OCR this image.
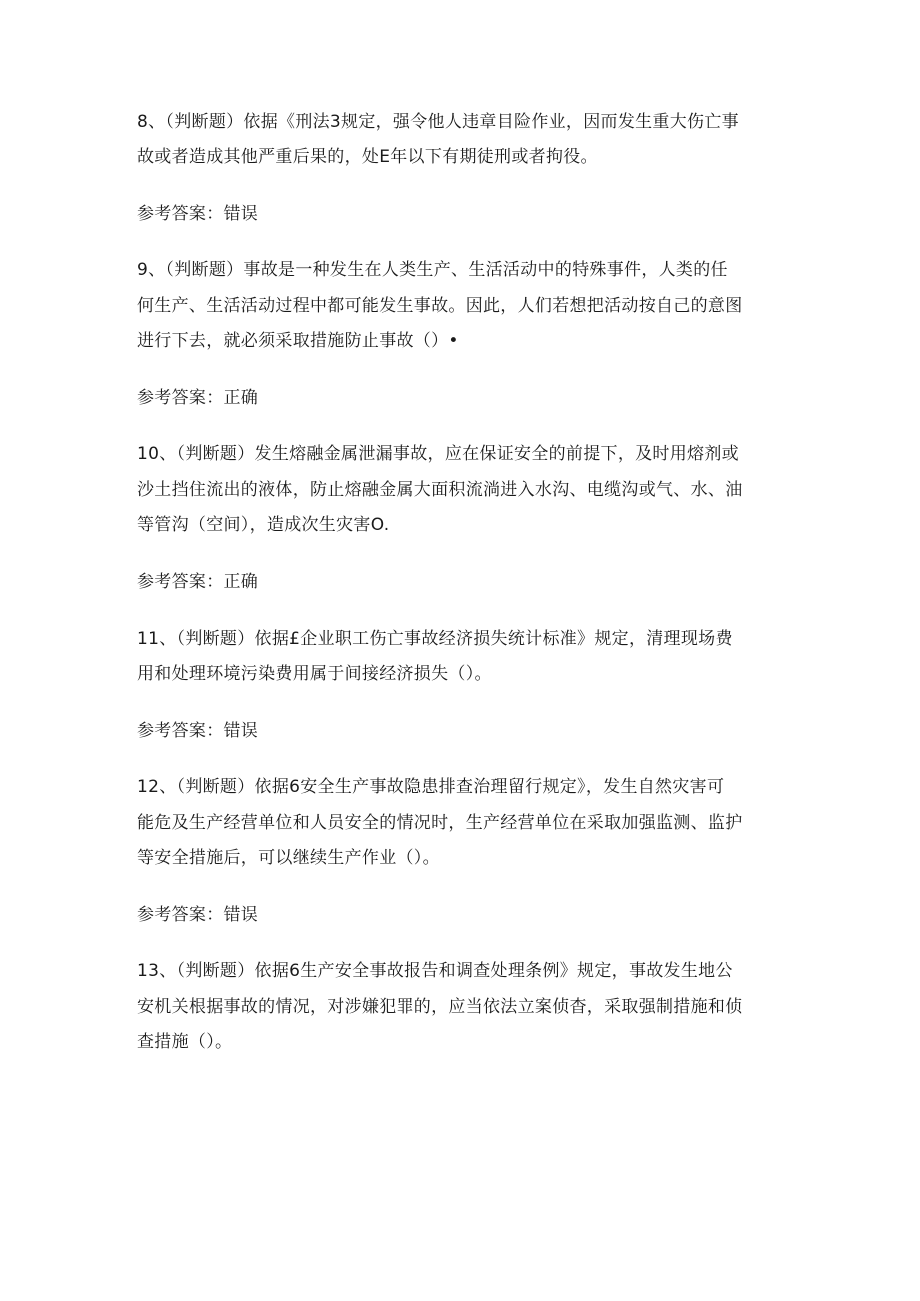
8、（判断题）依据《刑法3规定，强令他人违章目险作业，因而发生重大伤亡事
故或者造成其他严重后果的，处E年以下有期徒刑或者拘役。
参考答案：错误
9、（判断题）事故是一种发生在人类生产、生活活动中的特殊事件，人类的任
何生产、生活活动过程中都可能发生事故。因此，人们若想把活动按自己的意图
进行下去，就必须采取措施防止事故（）•
参考答案：正确
10、（判断题）发生熔融金属泄漏事故，应在保证安全的前提下，及时用熔剂或
沙土挡住流出的液体，防止熔融金属大面积流淌进入水沟、电缆沟或气、水、油
等管沟（空间），造成次生灾害O.
参考答案：正确
11、（判断题）依据£企业职工伤亡事故经济损失统计标准》规定，清理现场费
用和处理环境污染费用属于间接经济损失（）。
参考答案：错误
12、（判断题）依据6安全生产事故隐患排查治理留行规定》，发生自然灾害可
能危及生产经营单位和人员安全的情况时，生产经营单位在采取加强监测、监护
等安全措施后，可以继续生产作业（）。
参考答案：错误
13、（判断题）依据6生产安全事故报告和调查处理条例》规定，事故发生地公
安机关根据事故的情况，对涉嫌犯罪的，应当依法立案侦杳，采取强制措施和侦
查措施（）。
